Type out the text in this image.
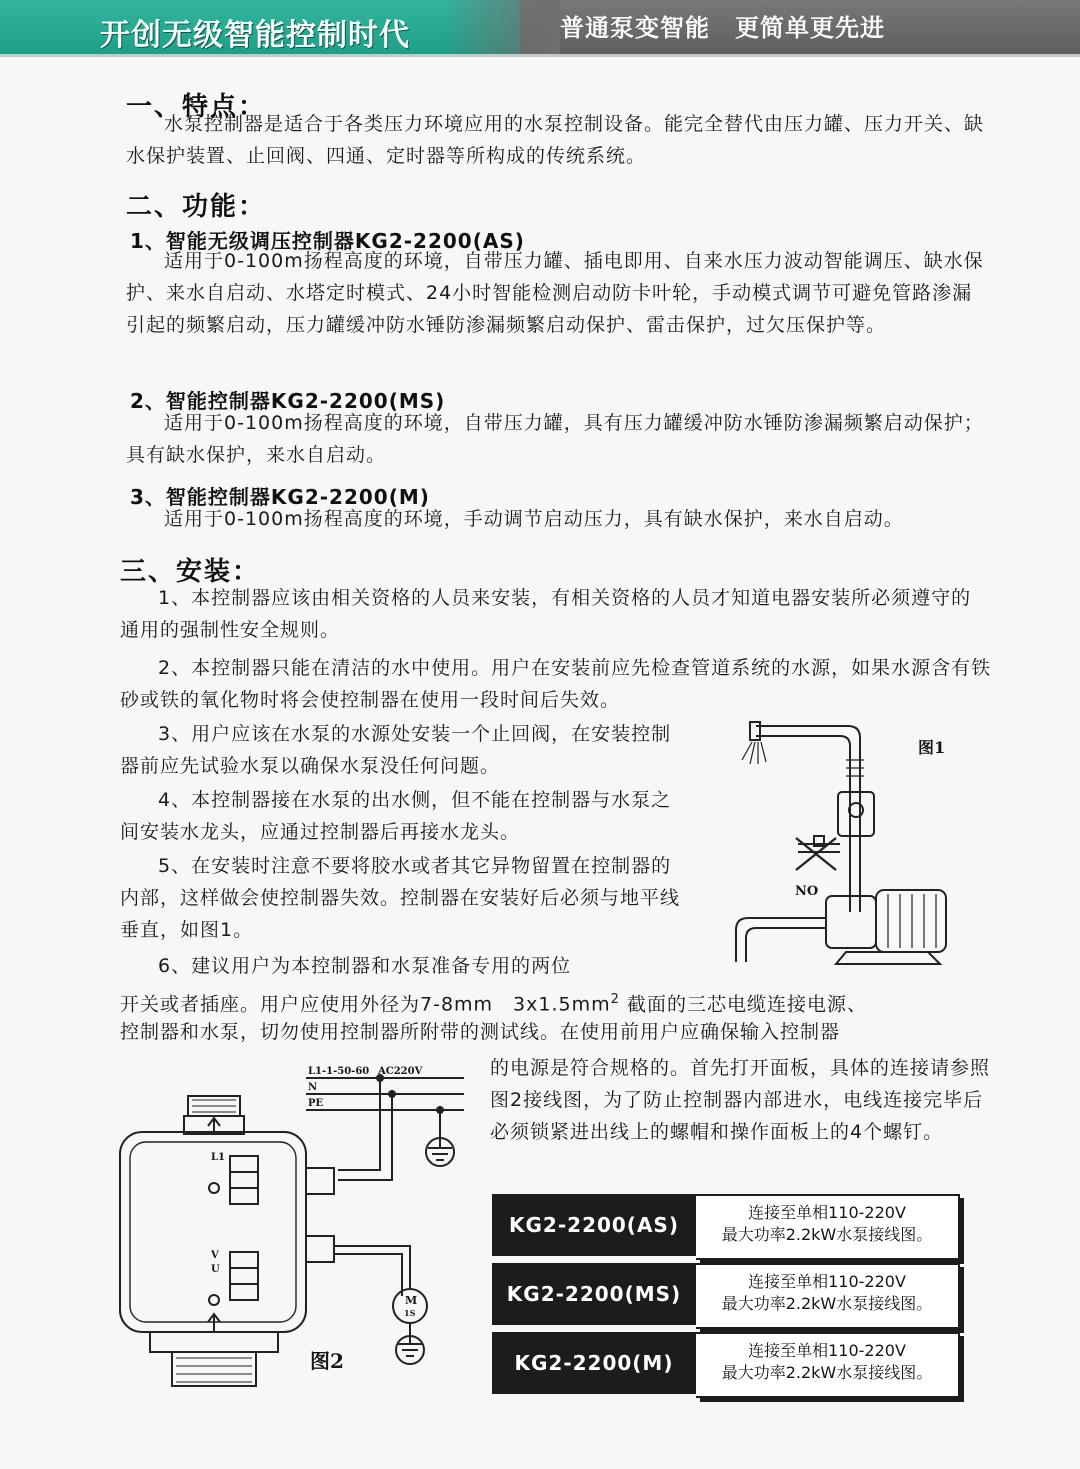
开创无级智能控制时代	普通泵变智能　更简单更先进
一、特点：
水泵控制器是适合于各类压力环境应用的水泵控制设备。能完全替代由压力罐、压力开关、缺水保护装置、止回阀、四通、定时器等所构成的传统系统。
二、功能：
1、智能无级调压控制器KG2-2200(AS)
适用于0-100m扬程高度的环境，自带压力罐、插电即用、自来水压力波动智能调压、缺水保护、来水自启动、水塔定时模式、24小时智能检测启动防卡叶轮，手动模式调节可避免管路渗漏引起的频繁启动，压力罐缓冲防水锤防渗漏频繁启动保护、雷击保护，过欠压保护等。
2、智能控制器KG2-2200(MS)
适用于0-100m扬程高度的环境，自带压力罐，具有压力罐缓冲防水锤防渗漏频繁启动保护；具有缺水保护，来水自启动。
3、智能控制器KG2-2200(M)
适用于0-100m扬程高度的环境，手动调节启动压力，具有缺水保护，来水自启动。
三、安装：
1、本控制器应该由相关资格的人员来安装，有相关资格的人员才知道电器安装所必须遵守的通用的强制性安全规则。
2、本控制器只能在清洁的水中使用。用户在安装前应先检查管道系统的水源，如果水源含有铁砂或铁的氧化物时将会使控制器在使用一段时间后失效。
3、用户应该在水泵的水源处安装一个止回阀，在安装控制器前应先试验水泵以确保水泵没任何问题。
4、本控制器接在水泵的出水侧，但不能在控制器与水泵之间安装水龙头，应通过控制器后再接水龙头。
5、在安装时注意不要将胶水或者其它异物留置在控制器的内部，这样做会使控制器失效。控制器在安装好后必须与地平线垂直，如图1。
6、建议用户为本控制器和水泵准备专用的两位
开关或者插座。用户应使用外径为7-8mm　$3x1.5mm^2$ 截面的三芯电缆连接电源、
控制器和水泵，切勿使用控制器所附带的测试线。在使用前用户应确保输入控制器
的电源是符合规格的。首先打开面板，具体的连接请参照图2接线图，为了防止控制器内部进水，电线连接完毕后必须锁紧进出线上的螺帽和操作面板上的4个螺钉。
图1
NO
L1-1-50-60 AC220V
N
PE
L1
V
U
M
1S
图2
KG2-2200(AS)
连接至单相110-220V
最大功率2.2kW水泵接线图。
KG2-2200(MS)
连接至单相110-220V
最大功率2.2kW水泵接线图。
KG2-2200(M)
连接至单相110-220V
最大功率2.2kW水泵接线图。
